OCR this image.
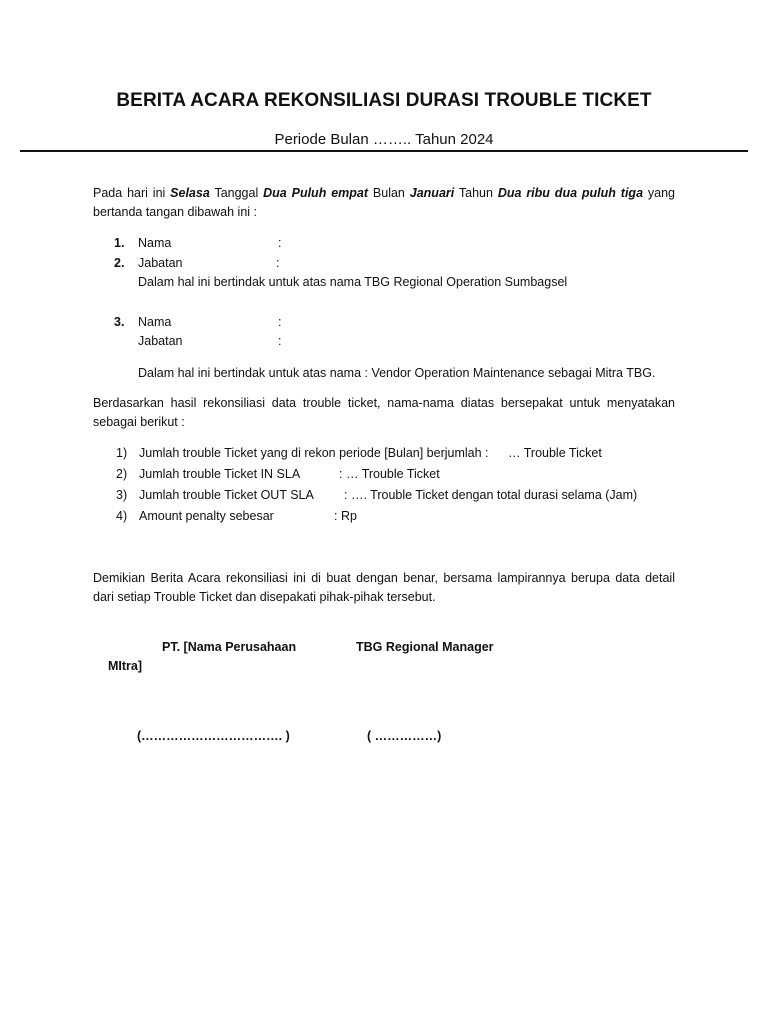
BERITA ACARA REKONSILIASI DURASI TROUBLE TICKET
Periode Bulan …….. Tahun 2024
Pada hari ini Selasa Tanggal Dua Puluh empat Bulan Januari Tahun Dua ribu dua puluh tiga yang
bertanda tangan dibawah ini :
1. Nama	:
2. Jabatan	:
Dalam hal ini bertindak untuk atas nama TBG Regional Operation Sumbagsel
3. Nama	:
Jabatan	:
Dalam hal ini bertindak untuk atas nama : Vendor Operation Maintenance sebagai Mitra TBG.
Berdasarkan hasil rekonsiliasi data trouble ticket, nama-nama diatas bersepakat untuk menyatakan
sebagai berikut :
1) Jumlah trouble Ticket yang di rekon periode [Bulan] berjumlah : … Trouble Ticket
2) Jumlah trouble Ticket IN SLA	: … Trouble Ticket
3) Jumlah trouble Ticket OUT SLA : …. Trouble Ticket dengan total durasi selama (Jam)
4) Amount penalty sebesar	: Rp
Demikian Berita Acara rekonsiliasi ini di buat dengan benar, bersama lampirannya berupa data detail
dari setiap Trouble Ticket dan disepakati pihak-pihak tersebut.
PT. [Nama Perusahaan
MItra]
TBG Regional Manager
(……………………………. )	( ……………)
